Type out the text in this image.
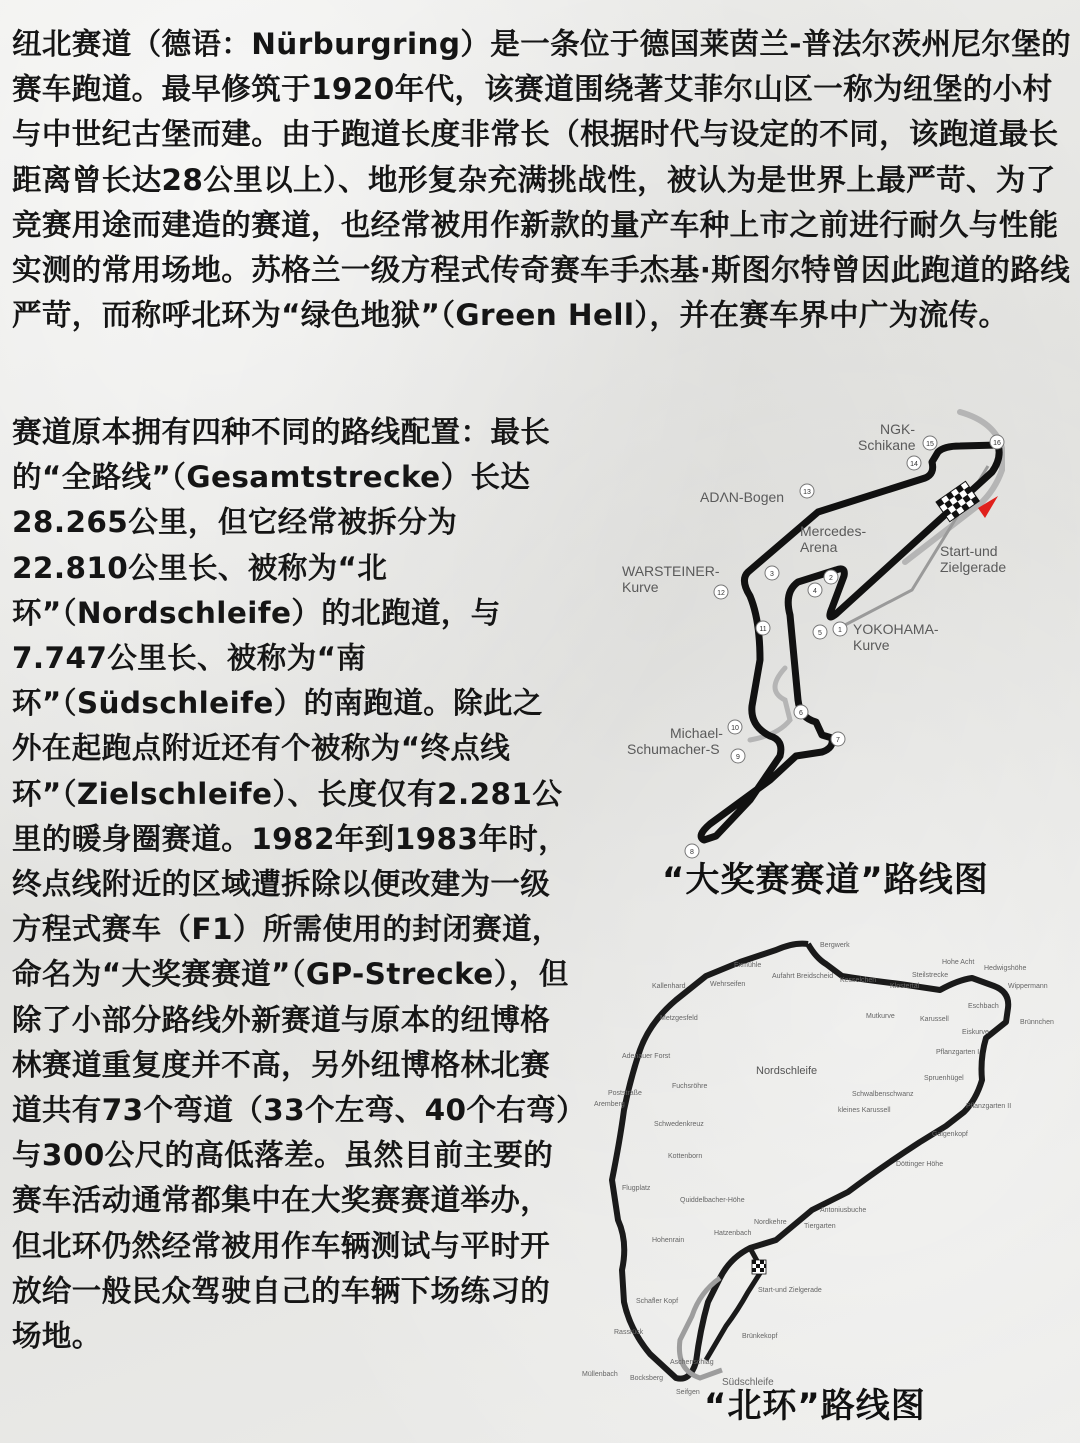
纽北赛道（德语：Nürburgring）是一条位于德国莱茵兰-普法尔茨州尼尔堡的赛车跑道。最早修筑于1920年代，该赛道围绕著艾菲尔山区一称为纽堡的小村与中世纪古堡而建。由于跑道长度非常长（根据时代与设定的不同，该跑道最长距离曾长达28公里以上）、地形复杂充满挑战性，被认为是世界上最严苛、为了竞赛用途而建造的赛道，也经常被用作新款的量产车种上市之前进行耐久与性能实测的常用场地。苏格兰一级方程式传奇赛车手杰基·斯图尔特曾因此跑道的路线严苛，而称呼北环为“绿色地狱”（Green Hell），并在赛车界中广为流传。

赛道原本拥有四种不同的路线配置：最长的“全路线”（Gesamtstrecke）长达28.265公里，但它经常被拆分为22.810公里长、被称为“北环”（Nordschleife）的北跑道，与7.747公里长、被称为“南环”（Südschleife）的南跑道。除此之外在起跑点附近还有个被称为“终点线环”（Zielschleife）、长度仅有2.281公里的暖身圈赛道。1982年到1983年时，终点线附近的区域遭拆除以便改建为一级方程式赛车（F1）所需使用的封闭赛道，命名为“大奖赛赛道”（GP-Strecke），但除了小部分路线外新赛道与原本的纽博格林赛道重复度并不高，另外纽博格林北赛道共有73个弯道（33个左弯、40个右弯）与300公尺的高低落差。虽然目前主要的赛车活动通常都集中在大奖赛赛道举办，但北环仍然经常被用作车辆测试与平时开放给一般民众驾驶自己的车辆下场练习的场地。

NGK-
Schikane
ADΛN-Bogen
Mercedes-
Arena	Start-und
Zielgerade
WARSTEINER-
Kurve
YOKOHAMA-
Kurve
Michael-
Schumacher-S
1
2
3
4
5
6
7
8
9
10
11
12
13
14
15	16

“大奖赛赛道”路线图

Nordschleife
Südschleife
Bergwerk
Exmühle
Aufahrt Breidscheid
Kesselchen
Hohe Acht
Hedwigshöhe
Wippermann
Kallenhard	Wehrseifen
Steilstrecke
Klostertal
Eschbach
Metzgesfeld	Mutkurve	Karussell	Brünnchen
Eiskurve
Adenauer Forst
Pflanzgarten I
Fuchsröhre
Spruenhügel
Schwalbenschwanz
Poststraße
Aremberg
kleines Karussell
Pflanzgarten II
Schwedenkreuz
Galgenkopf
Kottenborn
Döttinger Höhe
Flugplatz
Quiddelbacher-Höhe
Antoniusbuche
Nordkehre
Tiergarten
Hatzenbach
Hohenrain
Start-und Zielgerade
Schafler Kopf
Brünkekopf
Rassrück
Aschenschlag
Müllenbach
Bocksberg
Seifgen “北环”路线图
